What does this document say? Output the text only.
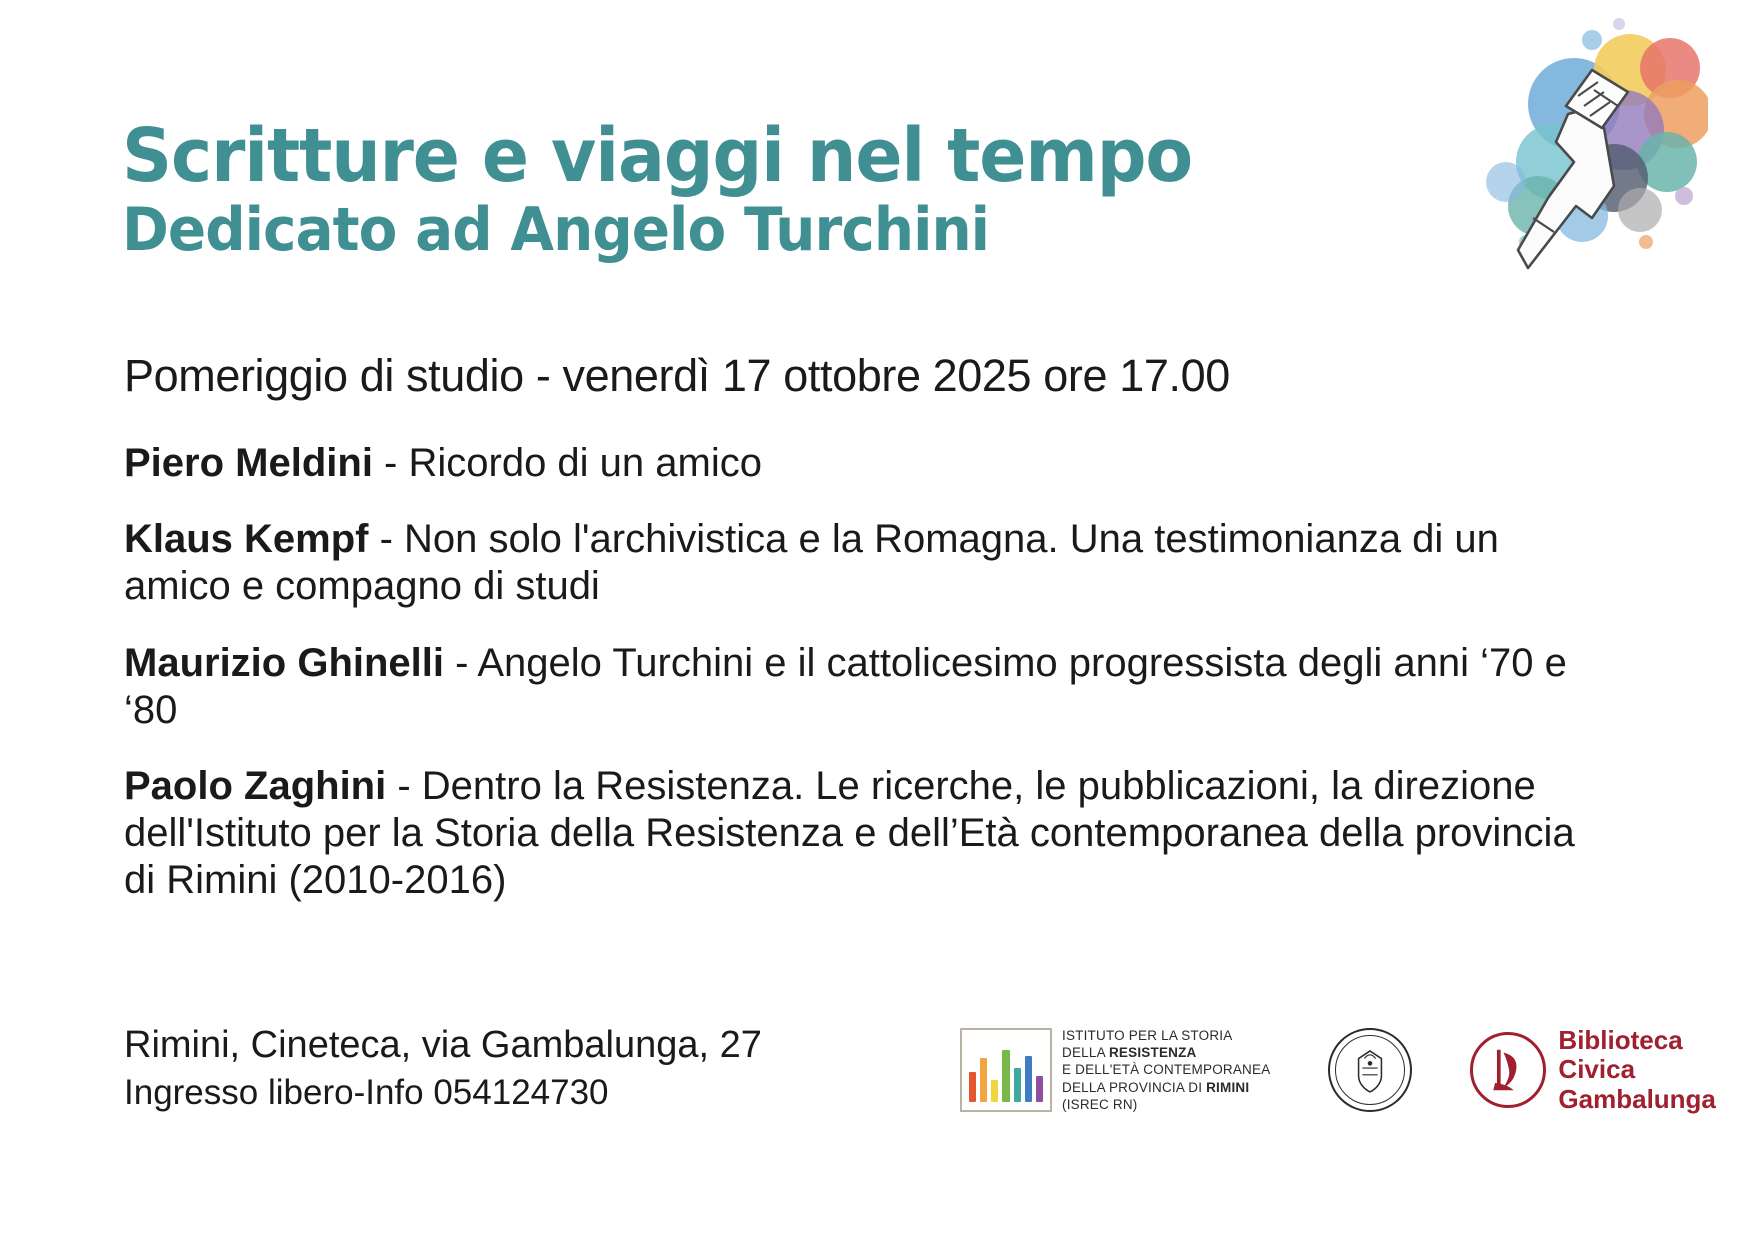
Scritture e viaggi nel tempo
Dedicato ad Angelo Turchini
Pomeriggio di studio - venerdì 17 ottobre 2025 ore 17.00
Piero Meldini - Ricordo di un amico
Klaus Kempf - Non solo l'archivistica e la Romagna. Una testimonianza di un amico e compagno di studi
Maurizio Ghinelli - Angelo Turchini e il cattolicesimo progressista degli anni ‘70 e ‘80
Paolo Zaghini - Dentro la Resistenza. Le ricerche, le pubblicazioni, la direzione dell'Istituto per la Storia della Resistenza e dell’Età contemporanea della provincia di Rimini (2010-2016)
Rimini, Cineteca, via Gambalunga, 27
Ingresso libero-Info 054124730
ISTITUTO PER LA STORIA
DELLA RESISTENZA
E DELL'ETÀ CONTEMPORANEA
DELLA PROVINCIA DI RIMINI
(ISREC RN)
Biblioteca
Civica
Gambalunga
